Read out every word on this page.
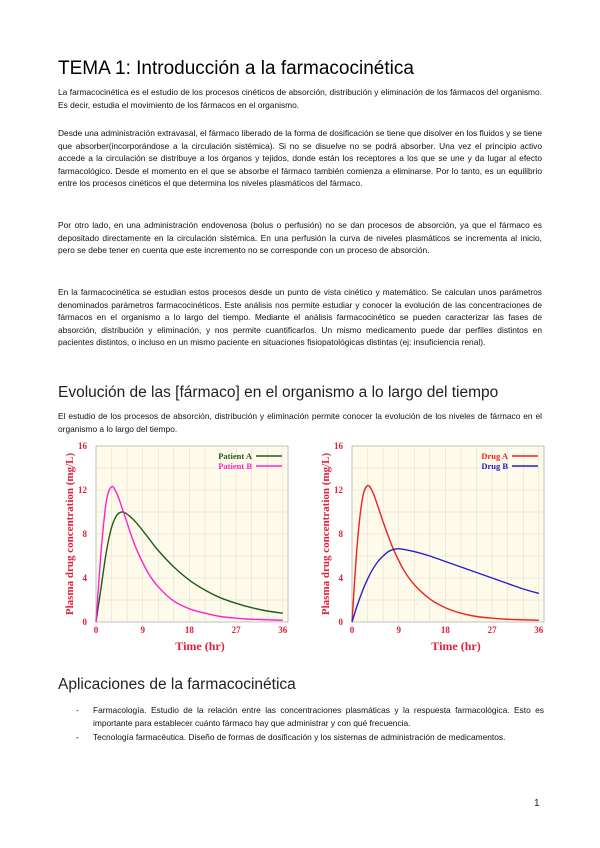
TEMA 1: Introducción a la farmacocinética

La farmacocinética es el estudio de los procesos cinéticos de absorción, distribución y eliminación de los fármacos del organismo. Es decir, estudia el movimiento de los fármacos en el organismo.

Desde una administración extravasal, el fármaco liberado de la forma de dosificación se tiene que disolver en los fluidos y se tiene que absorber(incorporándose a la circulación sistémica). Si no se disuelve no se podrá absorber. Una vez el principio activo accede a la circulación se distribuye a los órganos y tejidos, donde están los receptores a los que se une y da lugar al efecto farmacológico. Desde el momento en el que se absorbe el fármaco también comienza a eliminarse. Por lo tanto, es un equilibrio entre los procesos cinéticos el que determina los niveles plasmáticos del fármaco.

Por otro lado, en una administración endovenosa (bolus o perfusión) no se dan procesos de absorción, ya que el fármaco es depositado directamente en la circulación sistémica. En una perfusión la curva de niveles plasmáticos se incrementa al inicio, pero se debe tener en cuenta que este incremento no se corresponde con un proceso de absorción.

En la farmacocinética se estudian estos procesos desde un punto de vista cinético y matemático. Se calculan unos parámetros denominados parámetros farmacocinéticos. Este análisis nos permite estudiar y conocer la evolución de las concentraciones de fármacos en el organismo a lo largo del tiempo. Mediante el análisis farmacocinético se pueden caracterizar las fases de absorción, distribución y eliminación, y nos permite cuantificarlos. Un mismo medicamento puede dar perfiles distintos en pacientes distintos, o incluso en un mismo paciente en situaciones fisiopatológicas distintas (ej: insuficiencia renal).

Evolución de las [fármaco] en el organismo a lo largo del tiempo

El estudio de los procesos de absorción, distribución y eliminación permite conocer la evolución de los niveles de fármaco en el organismo a lo largo del tiempo.

0	9	18	27	36
0
4
8
12
16
Time (hr)
Plasma drug concentration (mg/L)	Patient A
Patient B
0	9	18	27	36
0
4
8
12
16
Time (hr)
Plasma drug concentration (mg/L)	Drug A
Drug B
Aplicaciones de la farmacocinética
- Farmacología. Estudio de la relación entre las concentraciones plasmáticas y la respuesta farmacológica. Esto es importante para establecer cuánto fármaco hay que administrar y con qué frecuencia.
- Tecnología farmacéutica. Diseño de formas de dosificación y los sistemas de administración de medicamentos.
1
